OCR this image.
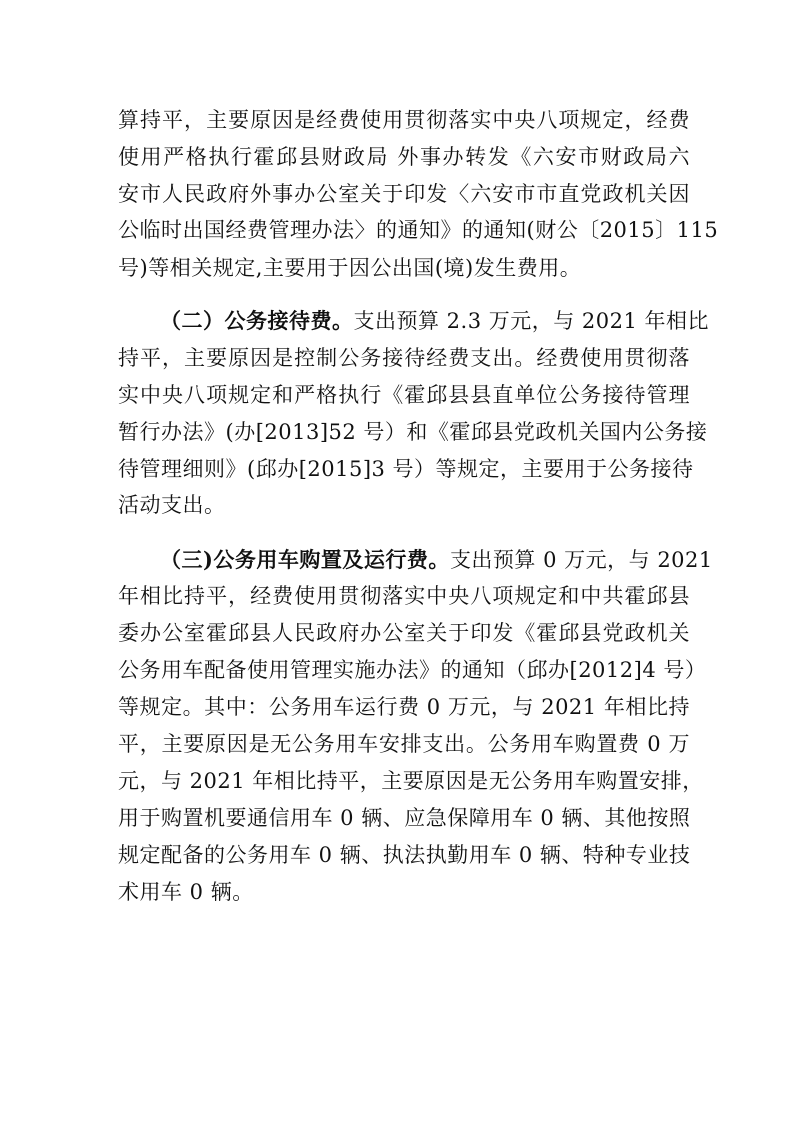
算持平，主要原因是经费使用贯彻落实中央八项规定，经费
使用严格执行霍邱县财政局 外事办转发《六安市财政局六
安市人民政府外事办公室关于印发〈六安市市直党政机关因
公临时出国经费管理办法〉的通知》的通知(财公〔2015〕115
号)等相关规定,主要用于因公出国(境)发生费用。
（二）公务接待费。支出预算 2.3 万元，与 2021 年相比
持平，主要原因是控制公务接待经费支出。经费使用贯彻落
实中央八项规定和严格执行《霍邱县县直单位公务接待管理
暂行办法》(办[2013]52 号）和《霍邱县党政机关国内公务接
待管理细则》(邱办[2015]3 号）等规定，主要用于公务接待
活动支出。
（三)公务用车购置及运行费。支出预算 0 万元，与 2021
年相比持平，经费使用贯彻落实中央八项规定和中共霍邱县
委办公室霍邱县人民政府办公室关于印发《霍邱县党政机关
公务用车配备使用管理实施办法》的通知（邱办[2012]4 号）
等规定。其中：公务用车运行费 0 万元，与 2021 年相比持
平，主要原因是无公务用车安排支出。公务用车购置费 0 万
元，与 2021 年相比持平，主要原因是无公务用车购置安排，
用于购置机要通信用车 0 辆、应急保障用车 0 辆、其他按照
规定配备的公务用车 0 辆、执法执勤用车 0 辆、特种专业技
术用车 0 辆。
